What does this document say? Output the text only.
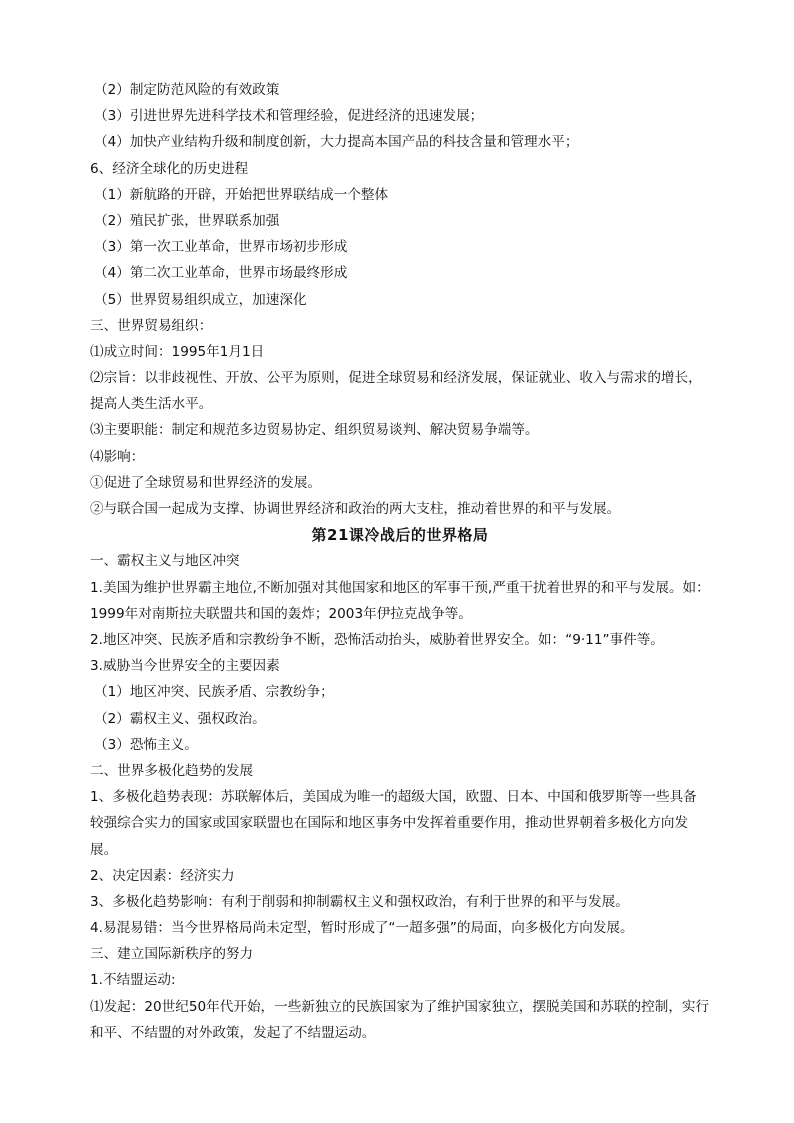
（2）制定防范风险的有效政策
（3）引进世界先进科学技术和管理经验，促进经济的迅速发展；
（4）加快产业结构升级和制度创新，大力提高本国产品的科技含量和管理水平；
6、经济全球化的历史进程
（1）新航路的开辟，开始把世界联结成一个整体
（2）殖民扩张，世界联系加强
（3）第一次工业革命，世界市场初步形成
（4）第二次工业革命，世界市场最终形成
（5）世界贸易组织成立，加速深化
三、世界贸易组织：
⑴成立时间：1995年1月1日
⑵宗旨：以非歧视性、开放、公平为原则，促进全球贸易和经济发展，保证就业、收入与需求的增长，提高人类生活水平。
⑶主要职能：制定和规范多边贸易协定、组织贸易谈判、解决贸易争端等。
⑷影响：
①促进了全球贸易和世界经济的发展。
②与联合国一起成为支撑、协调世界经济和政治的两大支柱，推动着世界的和平与发展。
第21课冷战后的世界格局
一、霸权主义与地区冲突
1.美国为维护世界霸主地位,不断加强对其他国家和地区的军事干预,严重干扰着世界的和平与发展。如：1999年对南斯拉夫联盟共和国的轰炸；2003年伊拉克战争等。
2.地区冲突、民族矛盾和宗教纷争不断，恐怖活动抬头，威胁着世界安全。如：“9·11”事件等。
3.威胁当今世界安全的主要因素
（1）地区冲突、民族矛盾、宗教纷争；
（2）霸权主义、强权政治。
（3）恐怖主义。
二、世界多极化趋势的发展
1、多极化趋势表现：苏联解体后，美国成为唯一的超级大国，欧盟、日本、中国和俄罗斯等一些具备较强综合实力的国家或国家联盟也在国际和地区事务中发挥着重要作用，推动世界朝着多极化方向发展。
2、决定因素：经济实力
3、多极化趋势影响：有利于削弱和抑制霸权主义和强权政治，有利于世界的和平与发展。
4.易混易错：当今世界格局尚未定型，暂时形成了“一超多强”的局面，向多极化方向发展。
三、建立国际新秩序的努力
1.不结盟运动:
⑴发起：20世纪50年代开始，一些新独立的民族国家为了维护国家独立，摆脱美国和苏联的控制，实行和平、不结盟的对外政策，发起了不结盟运动。
